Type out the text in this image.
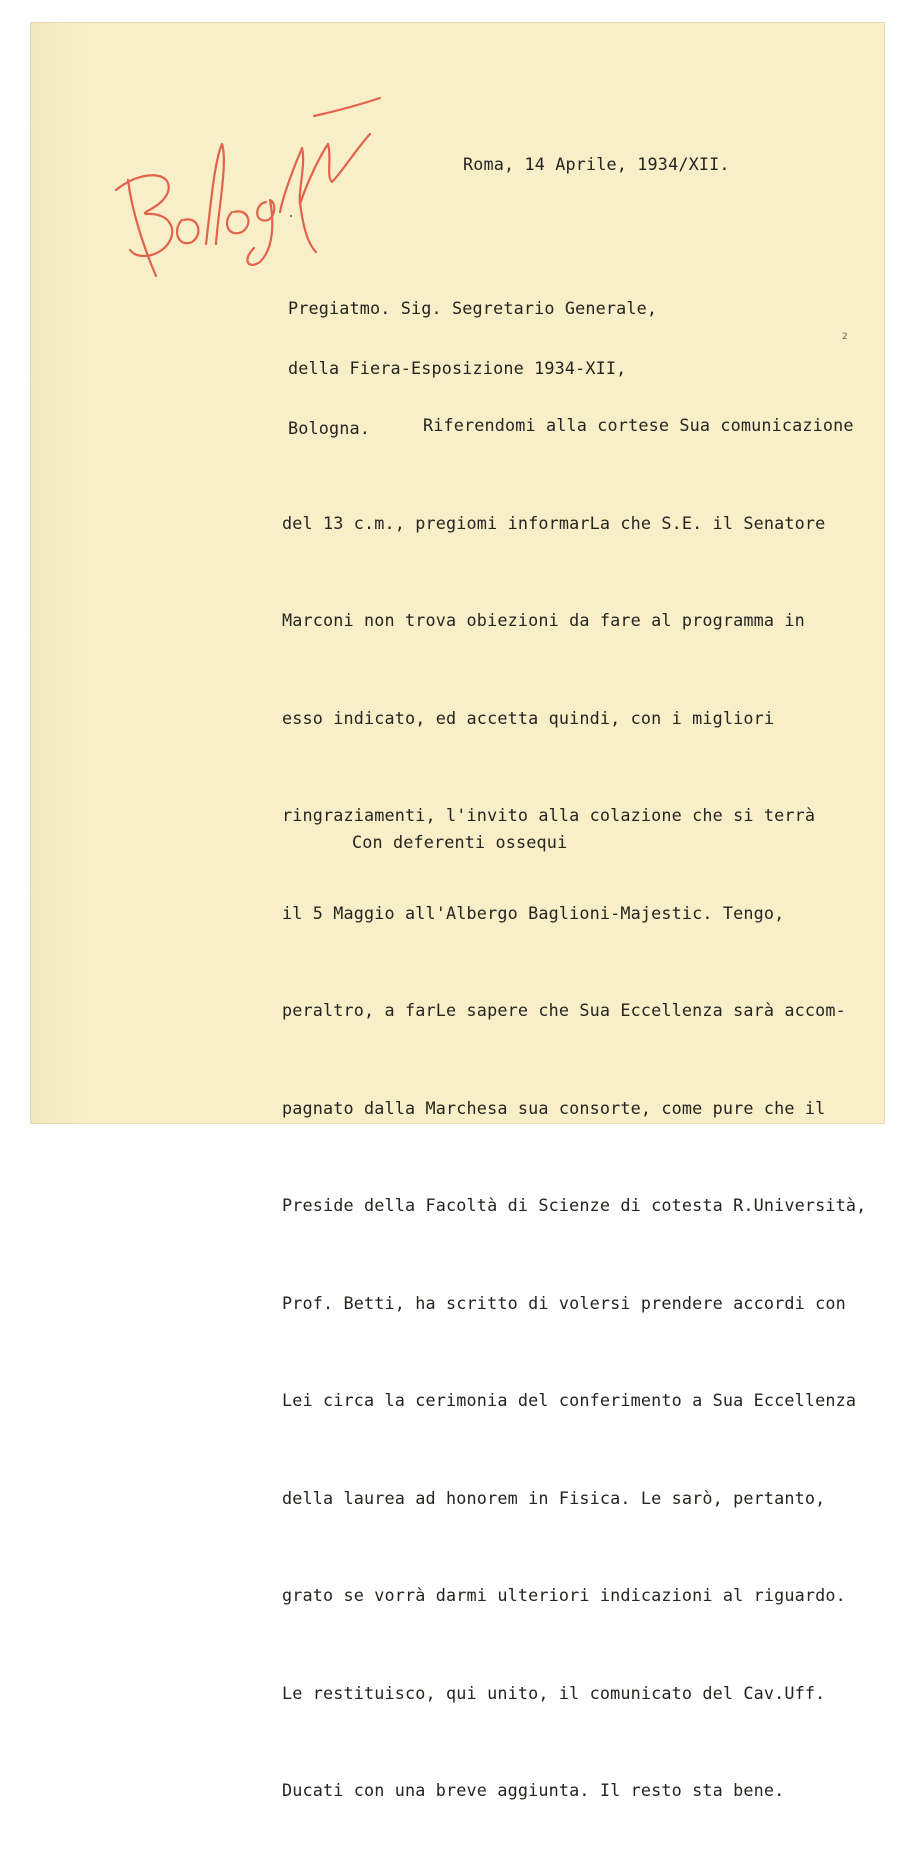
Roma, 14 Aprile, 1934/XII.

Pregiatmo. Sig. Segretario Generale,

della Fiera-Esposizione 1934-XII,

Bologna.

2

Riferendomi alla cortese Sua comunicazione

del 13 c.m., pregiomi informarLa che S.E. il Senatore

Marconi non trova obiezioni da fare al programma in

esso indicato, ed accetta quindi, con i migliori

ringraziamenti, l'invito alla colazione che si terrà

il 5 Maggio all'Albergo Baglioni-Majestic. Tengo,

peraltro, a farLe sapere che Sua Eccellenza sarà accom-

pagnato dalla Marchesa sua consorte, come pure che il

Preside della Facoltà di Scienze di cotesta R.Università,

Prof. Betti, ha scritto di volersi prendere accordi con

Lei circa la cerimonia del conferimento a Sua Eccellenza

della laurea ad honorem in Fisica. Le sarò, pertanto,

grato se vorrà darmi ulteriori indicazioni al riguardo.

Le restituisco, qui unito, il comunicato del Cav.Uff.

Ducati con una breve aggiunta. Il resto sta bene.

Con deferenti ossequi
